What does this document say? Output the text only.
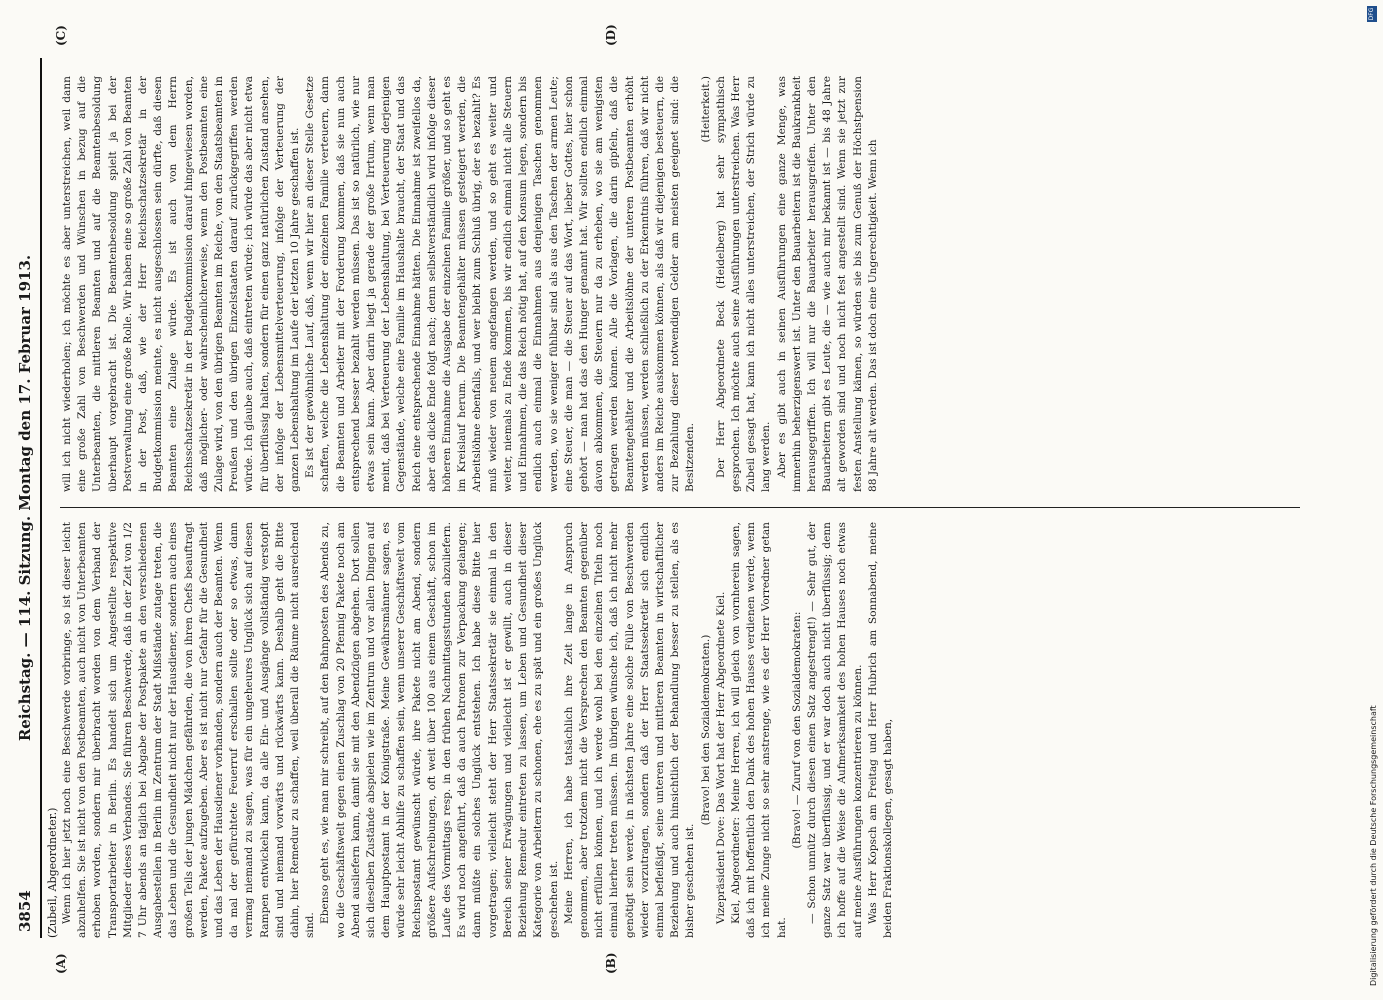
3854
Reichstag. — 114. Sitzung. Montag den 17. Februar 1913.
(A)	(B)
(C)	(D)
(Zubeil, Abgeordneter.) Wenn ich hier jetzt noch eine Beschwerde vorbringe, so ist dieser leicht abzuhelfen. Sie ist nicht von den Postbeamten, auch nicht von Unterbeamten erhoben worden, sondern mir überbracht worden von dem Verband der Transportarbeiter in Berlin. Es handelt sich um Angestellte respektive Mitglieder dieses Verbandes. Sie führen Beschwerde, daß in der Zeit von 1/2 7 Uhr abends an täglich bei Abgabe der Postpakete an den verschiedenen Ausgabestellen in Berlin im Zentrum der Stadt Mißstände zutage treten, die das Leben und die Gesundheit nicht nur der Hausdiener, sondern auch eines großen Teils der jungen Mädchen gefährden, die von ihren Chefs beauftragt werden, Pakete aufzugeben. Aber es ist nicht nur Gefahr für die Gesundheit und das Leben der Hausdiener vorhanden, sondern auch der Beamten. Wenn da mal der gefürchtete Feuerruf erschallen sollte oder so etwas, dann vermag niemand zu sagen, was für ein ungeheures Unglück sich auf diesen Rampen entwickeln kann, da alle Ein- und Ausgänge vollständig verstopft sind und niemand vorwärts und rückwärts kann. Deshalb geht die Bitte dahin, hier Remedur zu schaffen, weil überall die Räume nicht ausreichend sind.

Ebenso geht es, wie man mir schreibt, auf den Bahnposten des Abends zu, wo die Geschäftswelt gegen einen Zuschlag von 20 Pfennig Pakete noch am Abend ausliefern kann, damit sie mit den Abendzügen abgehen. Dort sollen sich dieselben Zustände abspielen wie im Zentrum und vor allen Dingen auf dem Hauptpostamt in der Königstraße. Meine Gewährsmänner sagen, es würde sehr leicht Abhilfe zu schaffen sein, wenn unserer Geschäftswelt vom Reichspostamt gewünscht würde, ihre Pakete nicht am Abend, sondern größere Aufschreibungen, oft weit über 100 aus einem Geschäft, schon im Laufe des Vormittags resp. in den frühen Nachmittagsstunden abzuliefern. Es wird noch angeführt, daß da auch Patronen zur Verpackung gelangen; dann müßte ein solches Unglück entstehen. Ich habe diese Bitte hier vorgetragen; vielleicht steht der Herr Staatssekretär sie einmal in den Bereich seiner Erwägungen und vielleicht ist er gewillt, auch in dieser Beziehung Remedur eintreten zu lassen, um Leben und Gesundheit dieser Kategorie von Arbeitern zu schonen, ehe es zu spät und ein großes Unglück geschehen ist. Meine Herren, ich habe tatsächlich ihre Zeit lange in Anspruch genommen, aber trotzdem nicht die Versprechen den Beamten gegenüber nicht erfüllen können, und ich werde wohl bei den einzelnen Titeln noch einmal hierher treten müssen. Im übrigen wünsche ich, daß ich nicht mehr genötigt sein werde, in nächsten Jahre eine solche Fülle von Beschwerden wieder vorzutragen, sondern daß der Herr Staatssekretär sich endlich einmal befleißigt, seine unteren und mittleren Beamten in wirtschaftlicher Beziehung und auch hinsichtlich der Behandlung besser zu stellen, als es bisher geschehen ist.

(Bravo! bei den Sozialdemokraten.) Vizepräsident Dove: Das Wort hat der Herr Abgeordnete Kiel. Kiel, Abgeordneter: Meine Herren, ich will gleich von vornherein sagen, daß ich mit hoffentlich den Dank des hohen Hauses verdienen werde, wenn ich meine Zunge nicht so sehr anstrenge, wie es der Herr Vorredner getan hat.

(Bravo! — Zuruf von den Sozialdemokraten: — Schon unnütz durch diesen einen Satz angestrengt!) — Sehr gut, der ganze Satz war überflüssig, und er war doch auch nicht überflüssig; denn ich hoffe auf die Weise die Aufmerksamkeit des hohen Hauses noch etwas auf meine Ausführungen konzentrieren zu können. Was Herr Kopsch am Freitag und Herr Hubrich am Sonnabend, meine beiden Fraktionskollegen, gesagt haben,

will ich nicht wiederholen; ich möchte es aber unterstreichen, weil dann eine große Zahl von Beschwerden und Wünschen in bezug auf die Unterbeamten, die mittleren Beamten und auf die Beamtenbesoldung überhaupt vorgebracht ist. Die Beamtenbesoldung spielt ja bei der Postverwaltung eine große Rolle. Wir haben eine so große Zahl von Beamten in der Post, daß, wie der Herr Reichsschatzsekretär in der Budgetkommission meinte, es nicht ausgeschlossen sein dürfte, daß diesen Beamten eine Zulage würde. Es ist auch von dem Herrn Reichsschatzsekretär in der Budgetkommission darauf hingewiesen worden, daß möglicher- oder wahrscheinlicherweise, wenn den Postbeamten eine Zulage wird, von den übrigen Beamten im Reiche, von den Staatsbeamten in Preußen und den übrigen Einzelstaaten darauf zurückgegriffen werden würde. Ich glaube auch, daß eintreten würde; ich würde das aber nicht etwa für überflüssig halten, sondern für einen ganz natürlichen Zustand ansehen, der infolge der Lebensmittelverteuerung, infolge der Verteuerung der ganzen Lebenshaltung im Laufe der letzten 10 Jahre geschaffen ist. Es ist der gewöhnliche Lauf, daß, wenn wir hier an dieser Stelle Gesetze schaffen, welche die Lebenshaltung der einzelnen Familie verteuern, dann die Beamten und Arbeiter mit der Forderung kommen, daß sie nun auch entsprechend besser bezahlt werden müssen. Das ist so natürlich, wie nur etwas sein kann. Aber darin liegt ja gerade der große Irrtum, wenn man meint, daß bei Verteuerung der Lebenshaltung, bei Verteuerung derjenigen Gegenstände, welche eine Familie im Haushalte braucht, der Staat und das Reich eine entsprechende Einnahme hätten. Die Einnahme ist zweifellos da, aber das dicke Ende folgt nach; denn selbstverständlich wird infolge dieser höheren Einnahme die Ausgabe der einzelnen Familie größer, und so geht es im Kreislauf herum. Die Beamtengehälter müssen gesteigert werden, die Arbeitslöhne ebenfalls, und wer bleibt zum Schluß übrig, der es bezahlt? Es muß wieder von neuem angefangen werden, und so geht es weiter und weiter, niemals zu Ende kommen, bis wir endlich einmal nicht alle Steuern und Einnahmen, die das Reich nötig hat, auf den Konsum legen, sondern bis endlich auch einmal die Einnahmen aus denjenigen Taschen genommen werden, wo sie weniger fühlbar sind als aus den Taschen der armen Leute; eine Steuer, die man — die Steuer auf das Wort, lieber Gottes, hier schon gehört — man hat das den Hunger genannt hat. Wir sollten endlich einmal davon abkommen, die Steuern nur da zu erheben, wo sie am wenigsten getragen werden können. Alle die Vorlagen, die darin gipfeln, daß die Beamtengehälter und die Arbeitslöhne der unteren Postbeamten erhöht werden müssen, werden schließlich zu der Erkenntnis führen, daß wir nicht anders im Reiche auskommen können, als daß wir diejenigen besteuern, die zur Bezahlung dieser notwendigen Gelder am meisten geeignet sind: die Besitzenden.

(Heiterkeit.) Der Herr Abgeordnete Beck (Heidelberg) hat sehr sympathisch gesprochen. Ich möchte auch seine Ausführungen unterstreichen. Was Herr Zubeil gesagt hat, kann ich nicht alles unterstreichen, der Strich würde zu lang werden. Aber es gibt auch in seinen Ausführungen eine ganze Menge, was immerhin beherzigenswert ist. Unter den Bauarbeitern ist die Baukrankheit herausgegriffen. Ich will nur die Bauarbeiter herausgreifen. Unter den Bauarbeitern gibt es Leute, die — wie auch mir bekannt ist — bis 48 Jahre alt geworden sind und noch nicht fest angestellt sind. Wenn sie jetzt zur festen Anstellung kämen, so würden sie bis zum Genuß der Höchstpension 88 Jahre alt werden. Das ist doch eine Ungerechtigkeit. Wenn ich

Digitalisierung gefördert durch die Deutsche Forschungsgemeinschaft
DFG
